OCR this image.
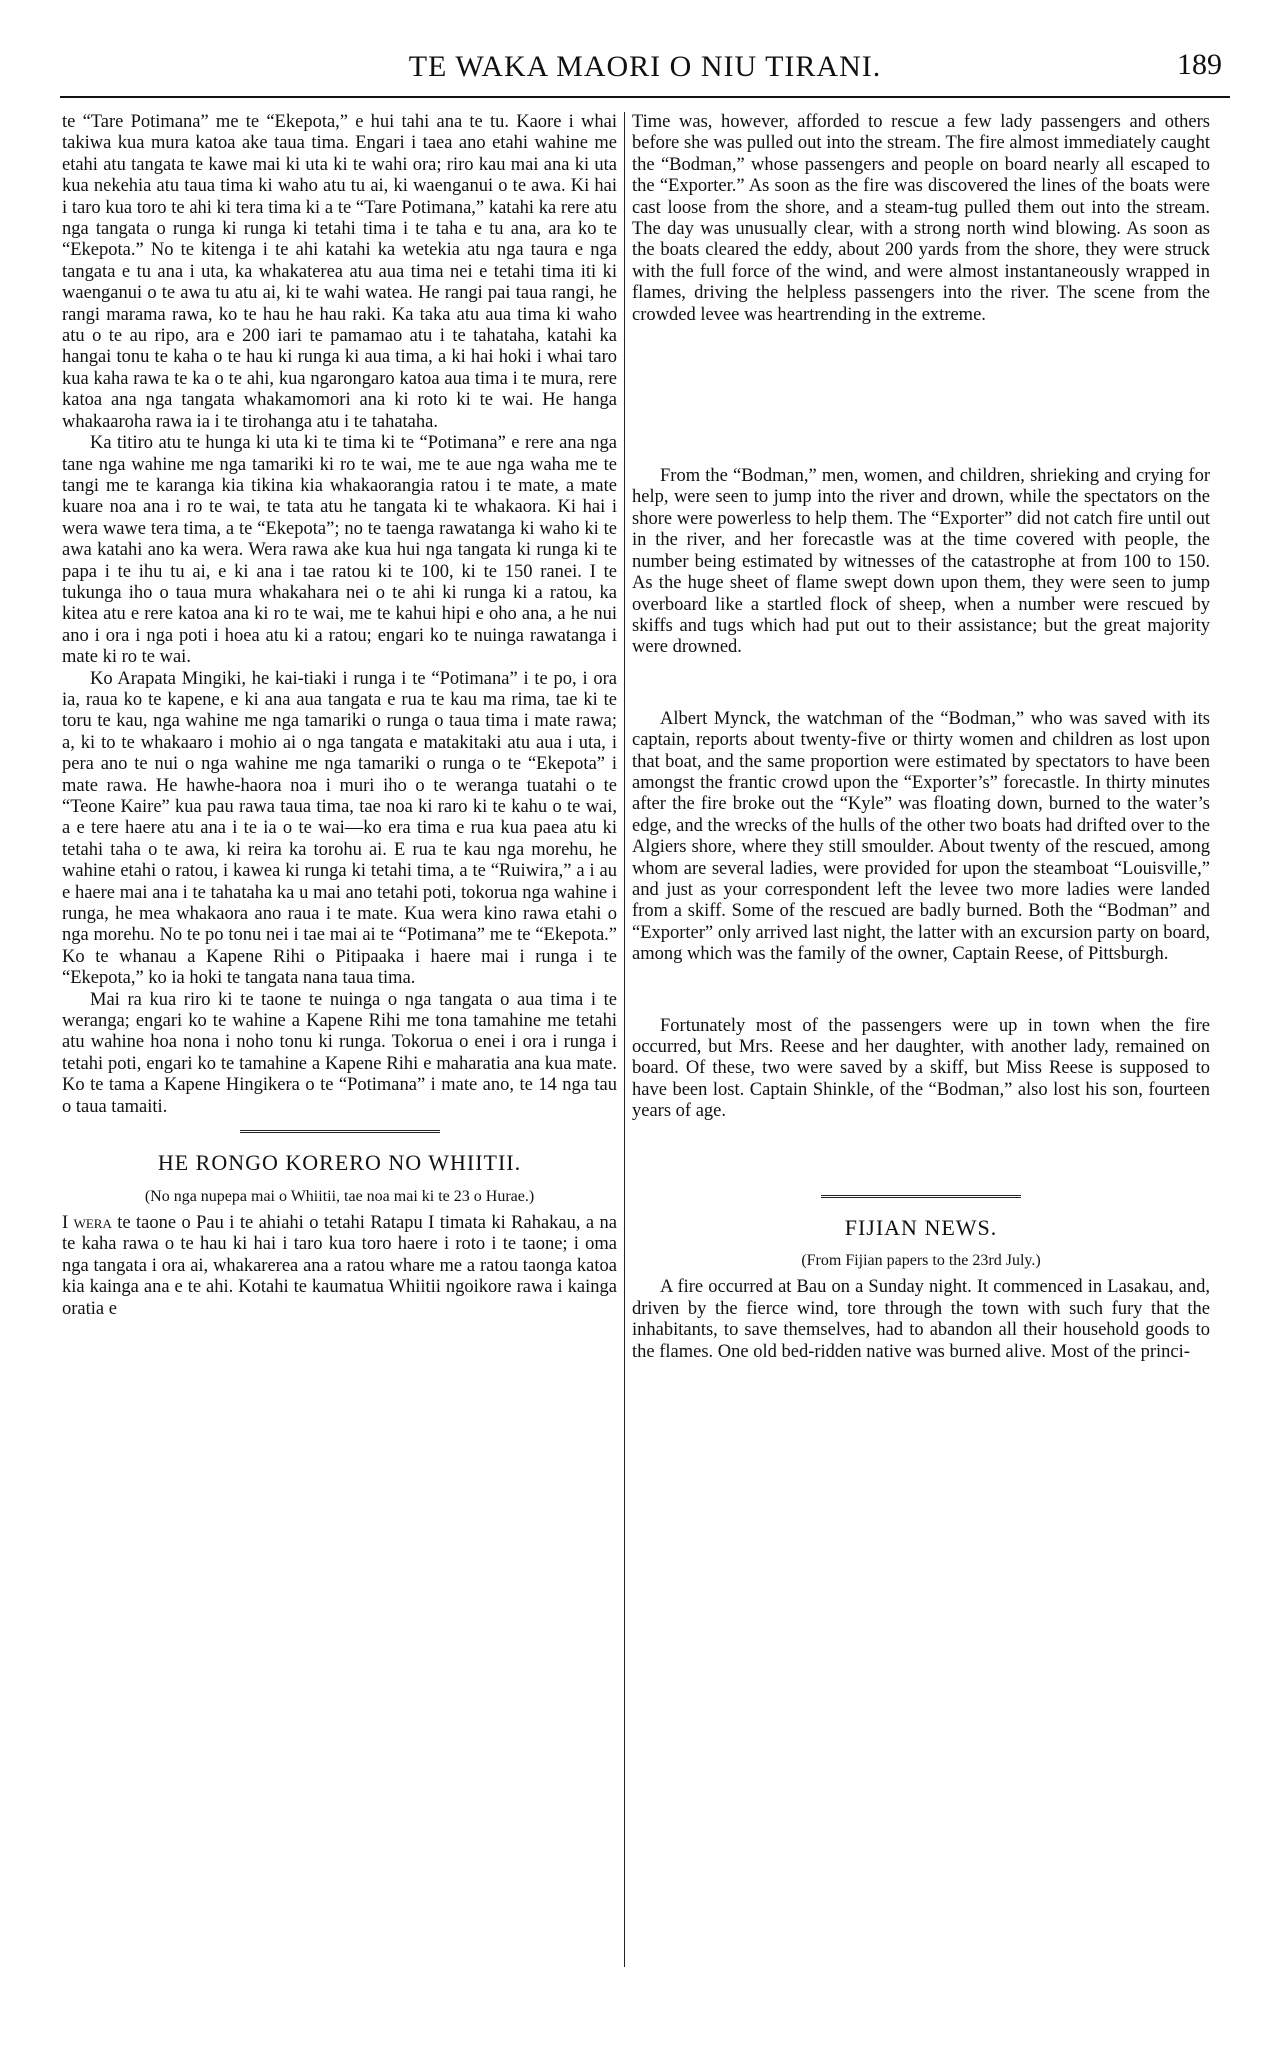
TE WAKA MAORI O NIU TIRANI.	189

te “Tare Potimana” me te “Ekepota,” e hui tahi ana te tu. Kaore i whai takiwa kua mura katoa ake taua tima. Engari i taea ano etahi wahine me etahi atu tangata te kawe mai ki uta ki te wahi ora; riro kau mai ana ki uta kua nekehia atu taua tima ki waho atu tu ai, ki waenganui o te awa. Ki hai i taro kua toro te ahi ki tera tima ki a te “Tare Potimana,” katahi ka rere atu nga tangata o runga ki runga ki tetahi tima i te taha e tu ana, ara ko te “Ekepota.” No te kitenga i te ahi katahi ka wetekia atu nga taura e nga tangata e tu ana i uta, ka whakaterea atu aua tima nei e tetahi tima iti ki waenganui o te awa tu atu ai, ki te wahi watea. He rangi pai taua rangi, he rangi marama rawa, ko te hau he hau raki. Ka taka atu aua tima ki waho atu o te au ripo, ara e 200 iari te pamamao atu i te tahataha, katahi ka hangai tonu te kaha o te hau ki runga ki aua tima, a ki hai hoki i whai taro kua kaha rawa te ka o te ahi, kua ngarongaro katoa aua tima i te mura, rere katoa ana nga tangata whakamomori ana ki roto ki te wai. He hanga whakaaroha rawa ia i te tirohanga atu i te tahataha.

Ka titiro atu te hunga ki uta ki te tima ki te “Potimana” e rere ana nga tane nga wahine me nga tamariki ki ro te wai, me te aue nga waha me te tangi me te karanga kia tikina kia whakaorangia ratou i te mate, a mate kuare noa ana i ro te wai, te tata atu he tangata ki te whakaora. Ki hai i wera wawe tera tima, a te “Ekepota”; no te taenga rawatanga ki waho ki te awa katahi ano ka wera. Wera rawa ake kua hui nga tangata ki runga ki te papa i te ihu tu ai, e ki ana i tae ratou ki te 100, ki te 150 ranei. I te tukunga iho o taua mura whakahara nei o te ahi ki runga ki a ratou, ka kitea atu e rere katoa ana ki ro te wai, me te kahui hipi e oho ana, a he nui ano i ora i nga poti i hoea atu ki a ratou; engari ko te nuinga rawatanga i mate ki ro te wai.

Ko Arapata Mingiki, he kai-tiaki i runga i te “Potimana” i te po, i ora ia, raua ko te kapene, e ki ana aua tangata e rua te kau ma rima, tae ki te toru te kau, nga wahine me nga tamariki o runga o taua tima i mate rawa; a, ki to te whakaaro i mohio ai o nga tangata e matakitaki atu aua i uta, i pera ano te nui o nga wahine me nga tamariki o runga o te “Ekepota” i mate rawa. He hawhe-haora noa i muri iho o te weranga tuatahi o te “Teone Kaire” kua pau rawa taua tima, tae noa ki raro ki te kahu o te wai, a e tere haere atu ana i te ia o te wai—ko era tima e rua kua paea atu ki tetahi taha o te awa, ki reira ka torohu ai. E rua te kau nga morehu, he wahine etahi o ratou, i kawea ki runga ki tetahi tima, a te “Ruiwira,” a i au e haere mai ana i te tahataha ka u mai ano tetahi poti, tokorua nga wahine i runga, he mea whakaora ano raua i te mate. Kua wera kino rawa etahi o nga morehu. No te po tonu nei i tae mai ai te “Potimana” me te “Ekepota.” Ko te whanau a Kapene Rihi o Pitipaaka i haere mai i runga i te “Ekepota,” ko ia hoki te tangata nana taua tima.

Mai ra kua riro ki te taone te nuinga o nga tangata o aua tima i te weranga; engari ko te wahine a Kapene Rihi me tona tamahine me tetahi atu wahine hoa nona i noho tonu ki runga. Tokorua o enei i ora i runga i tetahi poti, engari ko te tamahine a Kapene Rihi e maharatia ana kua mate. Ko te tama a Kapene Hingikera o te “Potimana” i mate ano, te 14 nga tau o taua tamaiti.

HE RONGO KORERO NO WHIITII.
(No nga nupepa mai o Whiitii, tae noa mai ki te 23 o Hurae.)

I wera te taone o Pau i te ahiahi o tetahi Ratapu I timata ki Rahakau, a na te kaha rawa o te hau ki hai i taro kua toro haere i roto i te taone; i oma nga tangata i ora ai, whakarerea ana a ratou whare me a ratou taonga katoa kia kainga ana e te ahi. Kotahi te kaumatua Whiitii ngoikore rawa i kainga oratia e

Time was, however, afforded to rescue a few lady passengers and others before she was pulled out into the stream. The fire almost immediately caught the “Bodman,” whose passengers and people on board nearly all escaped to the “Exporter.” As soon as the fire was discovered the lines of the boats were cast loose from the shore, and a steam-tug pulled them out into the stream. The day was unusually clear, with a strong north wind blowing. As soon as the boats cleared the eddy, about 200 yards from the shore, they were struck with the full force of the wind, and were almost instantaneously wrapped in flames, driving the helpless passengers into the river. The scene from the crowded levee was heartrending in the extreme.

From the “Bodman,” men, women, and children, shrieking and crying for help, were seen to jump into the river and drown, while the spectators on the shore were powerless to help them. The “Exporter” did not catch fire until out in the river, and her forecastle was at the time covered with people, the number being estimated by witnesses of the catastrophe at from 100 to 150. As the huge sheet of flame swept down upon them, they were seen to jump overboard like a startled flock of sheep, when a number were rescued by skiffs and tugs which had put out to their assistance; but the great majority were drowned.

Albert Mynck, the watchman of the “Bodman,” who was saved with its captain, reports about twenty-five or thirty women and children as lost upon that boat, and the same proportion were estimated by spectators to have been amongst the frantic crowd upon the “Exporter’s” forecastle. In thirty minutes after the fire broke out the “Kyle” was floating down, burned to the water’s edge, and the wrecks of the hulls of the other two boats had drifted over to the Algiers shore, where they still smoulder. About twenty of the rescued, among whom are several ladies, were provided for upon the steamboat “Louisville,” and just as your correspondent left the levee two more ladies were landed from a skiff. Some of the rescued are badly burned. Both the “Bodman” and “Exporter” only arrived last night, the latter with an excursion party on board, among which was the family of the owner, Captain Reese, of Pittsburgh.

Fortunately most of the passengers were up in town when the fire occurred, but Mrs. Reese and her daughter, with another lady, remained on board. Of these, two were saved by a skiff, but Miss Reese is supposed to have been lost. Captain Shinkle, of the “Bodman,” also lost his son, fourteen years of age.

FIJIAN NEWS.
(From Fijian papers to the 23rd July.)

A fire occurred at Bau on a Sunday night. It commenced in Lasakau, and, driven by the fierce wind, tore through the town with such fury that the inhabitants, to save themselves, had to abandon all their household goods to the flames. One old bed-ridden native was burned alive. Most of the princi-
